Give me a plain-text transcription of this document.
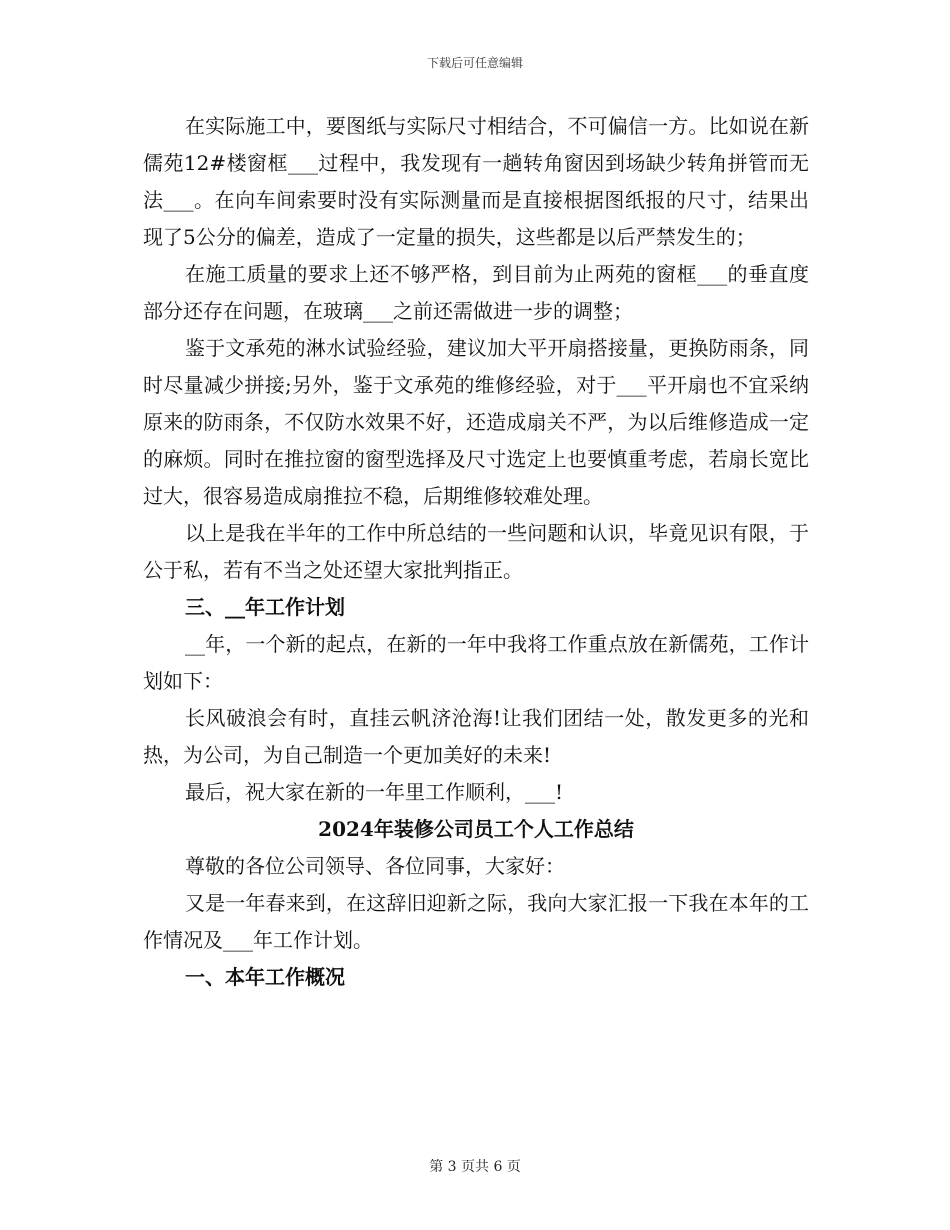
下载后可任意编辑

在实际施工中，要图纸与实际尺寸相结合，不可偏信一方。比如说在新儒苑12#楼窗框___过程中，我发现有一趟转角窗因到场缺少转角拼管而无法___。在向车间索要时没有实际测量而是直接根据图纸报的尺寸，结果出现了5公分的偏差，造成了一定量的损失，这些都是以后严禁发生的；

在施工质量的要求上还不够严格，到目前为止两苑的窗框___的垂直度部分还存在问题，在玻璃___之前还需做进一步的调整；

鉴于文承苑的淋水试验经验，建议加大平开扇搭接量，更换防雨条，同时尽量减少拼接;另外，鉴于文承苑的维修经验，对于___平开扇也不宜采纳原来的防雨条，不仅防水效果不好，还造成扇关不严，为以后维修造成一定的麻烦。同时在推拉窗的窗型选择及尺寸选定上也要慎重考虑，若扇长宽比过大，很容易造成扇推拉不稳，后期维修较难处理。

以上是我在半年的工作中所总结的一些问题和认识，毕竟见识有限，于公于私，若有不当之处还望大家批判指正。

三、__年工作计划

__年，一个新的起点，在新的一年中我将工作重点放在新儒苑，工作计划如下：

长风破浪会有时，直挂云帆济沧海!让我们团结一处，散发更多的光和热，为公司，为自己制造一个更加美好的未来!

最后，祝大家在新的一年里工作顺利，___!

2024年装修公司员工个人工作总结

尊敬的各位公司领导、各位同事，大家好：

又是一年春来到，在这辞旧迎新之际，我向大家汇报一下我在本年的工作情况及___年工作计划。

一、本年工作概况

第 3 页共 6 页
